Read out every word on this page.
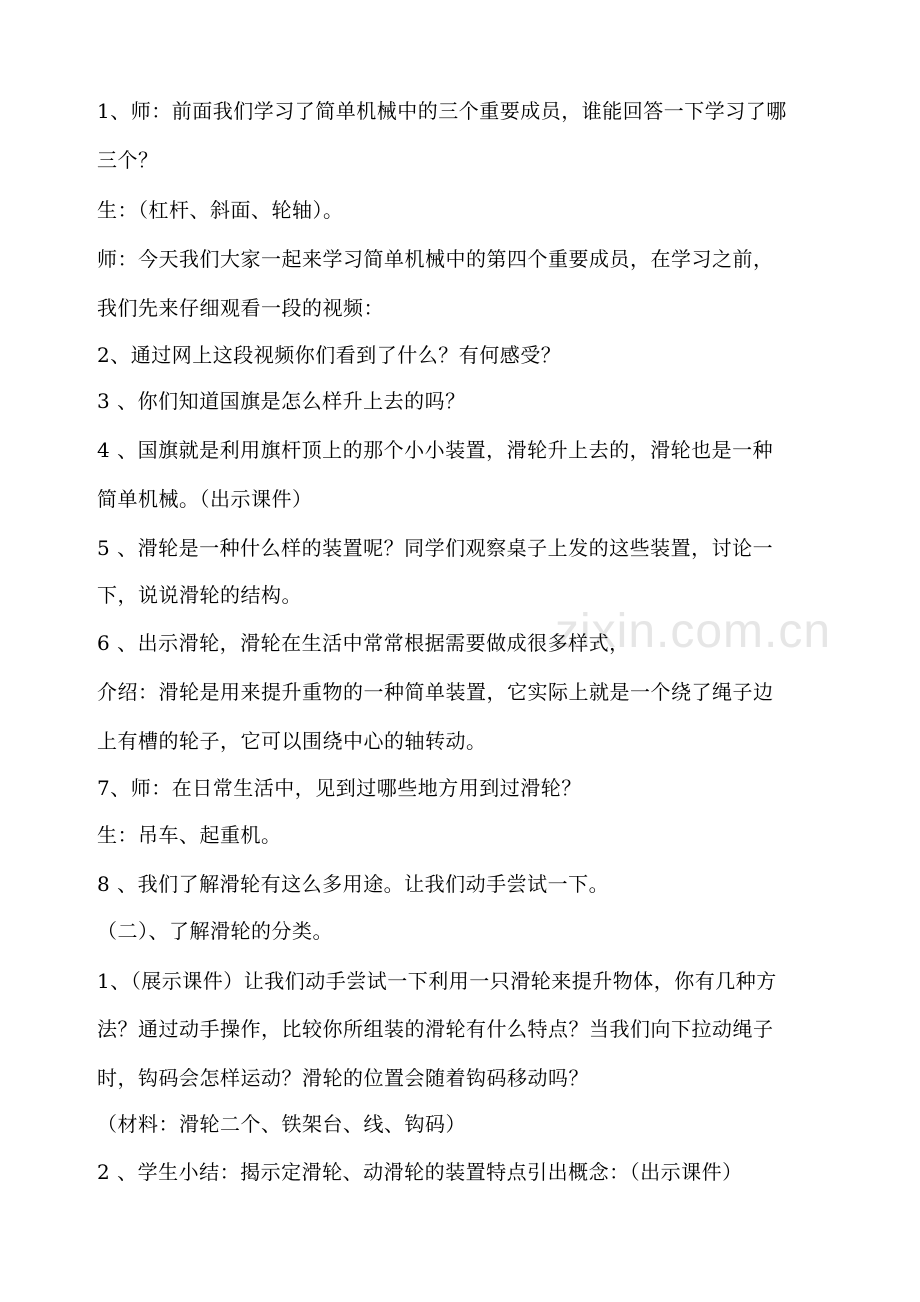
zixin.com.cn
1、师：前面我们学习了简单机械中的三个重要成员，谁能回答一下学习了哪
三个？
生：（杠杆、斜面、轮轴）。
师：今天我们大家一起来学习简单机械中的第四个重要成员，在学习之前，
我们先来仔细观看一段的视频：
2、通过网上这段视频你们看到了什么？有何感受？
3 、你们知道国旗是怎么样升上去的吗？
4 、国旗就是利用旗杆顶上的那个小小装置，滑轮升上去的，滑轮也是一种
简单机械。（出示课件）
5 、滑轮是一种什么样的装置呢？同学们观察桌子上发的这些装置，讨论一
下，说说滑轮的结构。
6 、出示滑轮，滑轮在生活中常常根据需要做成很多样式，
介绍：滑轮是用来提升重物的一种简单装置，它实际上就是一个绕了绳子边
上有槽的轮子，它可以围绕中心的轴转动。
7、师：在日常生活中，见到过哪些地方用到过滑轮？
生：吊车、起重机。
8 、我们了解滑轮有这么多用途。让我们动手尝试一下。
（二）、了解滑轮的分类。
1、（展示课件）让我们动手尝试一下利用一只滑轮来提升物体，你有几种方
法？通过动手操作，比较你所组装的滑轮有什么特点？当我们向下拉动绳子
时，钩码会怎样运动？滑轮的位置会随着钩码移动吗？
（材料：滑轮二个、铁架台、线、钩码）
2 、学生小结：揭示定滑轮、动滑轮的装置特点引出概念：（出示课件）
